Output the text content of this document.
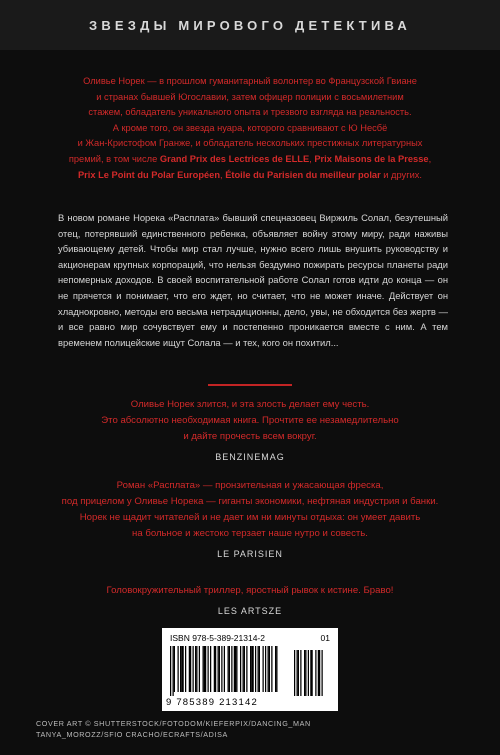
ЗВЕЗДЫ МИРОВОГО ДЕТЕКТИВА

Оливье Норек — в прошлом гуманитарный волонтер во Французской Гвиане

и странах бывшей Югославии, затем офицер полиции с восьмилетним

стажем, обладатель уникального опыта и трезвого взгляда на реальность.

А кроме того, он звезда нуара, которого сравнивают с Ю Несбё

и Жан-Кристофом Гранже, и обладатель нескольких престижных литературных

премий, в том числе Grand Prix des Lectrices de ELLE, Prix Maisons de la Presse,

Prix Le Point du Polar Européen, Étoile du Parisien du meilleur polar и других.

В новом романе Норека «Расплата» бывший спецназовец Виржиль Солал, безутешный отец, потерявший единственного ребенка, объявляет войну этому миру, ради наживы убивающему детей. Чтобы мир стал лучше, нужно всего лишь внушить руководству и акционерам крупных корпораций, что нельзя бездумно пожирать ресурсы планеты ради непомерных доходов. В своей воспитательной работе Солал готов идти до конца — он не прячется и понимает, что его ждет, но считает, что не может иначе. Действует он хладнокровно, методы его весьма нетрадиционны, дело, увы, не обходится без жертв — и все равно мир сочувствует ему и постепенно проникается вместе с ним. А тем временем полицейские ищут Солала — и тех, кого он похитил...

Оливье Норек злится, и эта злость делает ему честь.

Это абсолютно необходимая книга. Прочтите ее незамедлительно

и дайте прочесть всем вокруг.

BENZINEMAG

Роман «Расплата» — пронзительная и ужасающая фреска,

под прицелом у Оливье Норека — гиганты экономики, нефтяная индустрия и банки.

Норек не щадит читателей и не дает им ни минуты отдыха: он умеет давить

на больное и жестоко терзает наше нутро и совесть.

LE PARISIEN

Головокружительный триллер, яростный рывок к истине. Браво!

LES ARTSZE

ISBN 978-5-389-21314-2	01
9 785389 213142

COVER ART © SHUTTERSTOCK/FOTODOM/KIEFERPIX/DANCING_MAN

TANYA_MOROZZ/SFIO CRACHO/ECRAFTS/ADISA
